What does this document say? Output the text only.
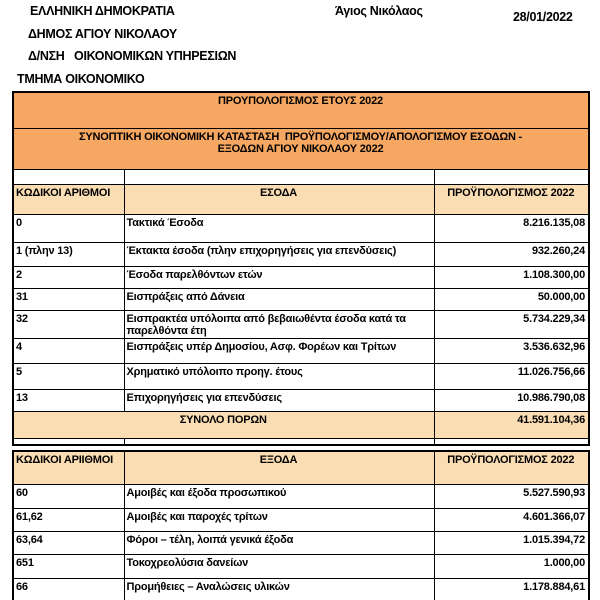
ΕΛΛΗΝΙΚΗ ΔΗΜΟΚΡΑΤΙΑ	Άγιος Νικόλαος	28/01/2022
ΔΗΜΟΣ ΑΓΙΟΥ ΝΙΚΟΛΑΟΥ
Δ/ΝΣΗ   ΟΙΚΟΝΟΜΙΚΩΝ ΥΠΗΡΕΣΙΩΝ
ΤΜΗΜΑ ΟΙΚΟΝΟΜΙΚΟ
ΠΡΟΥΠΟΛΟΓΙΣΜΟΣ ΕΤΟΥΣ 2022		

ΣΥΝΟΠΤΙΚΗ ΟΙΚΟΝΟΜΙΚΗ ΚΑΤΑΣΤΑΣΗ  ΠΡΟΫΠΟΛΟΓΙΣΜΟΥ/ΑΠΟΛΟΓΙΣΜΟΥ ΕΣΟΔΩΝ -
ΕΞΟΔΩΝ ΑΓΙΟΥ ΝΙΚΟΛΑΟΥ 2022		

ΚΩΔΙΚΟΙ ΑΡΙΘΜΟΙ	ΕΣΟΔΑ	ΠΡΟΫΠΟΛΟΓΙΣΜΟΣ 2022
0	Τακτικά Έσοδα	8.216.135,08
1 (πλην 13)	Έκτακτα έσοδα (πλην επιχορηγήσεις για επενδύσεις)	932.260,24
2	Έσοδα παρελθόντων ετών	1.108.300,00
31	Εισπράξεις από Δάνεια	50.000,00
32	Εισπρακτέα υπόλοιπα από βεβαιωθέντα έσοδα κατά τα παρελθόντα έτη	5.734.229,34
4	Εισπράξεις υπέρ Δημοσίου, Ασφ. Φορέων και Τρίτων	3.536.632,96
5	Χρηματικό υπόλοιπο προηγ. έτους	11.026.756,66
13	Επιχορηγήσεις για επενδύσεις	10.986.790,08
ΣΥΝΟΛΟ ΠΟΡΩΝ		41.591.104,36

ΚΩΔΙΚΟΙ ΑΡΙΙΘΜΟΙ	ΕΞΟΔΑ	ΠΡΟΫΠΟΛΟΓΙΣΜΟΣ 2022
60	Αμοιβές και έξοδα προσωπικού	5.527.590,93
61,62	Αμοιβές και παροχές τρίτων	4.601.366,07
63,64	Φόροι – τέλη, λοιπά γενικά έξοδα	1.015.394,72
651	Τοκοχρεολύσια δανείων	1.000,00
66	Προμήθειες – Αναλώσεις υλικών	1.178.884,61
